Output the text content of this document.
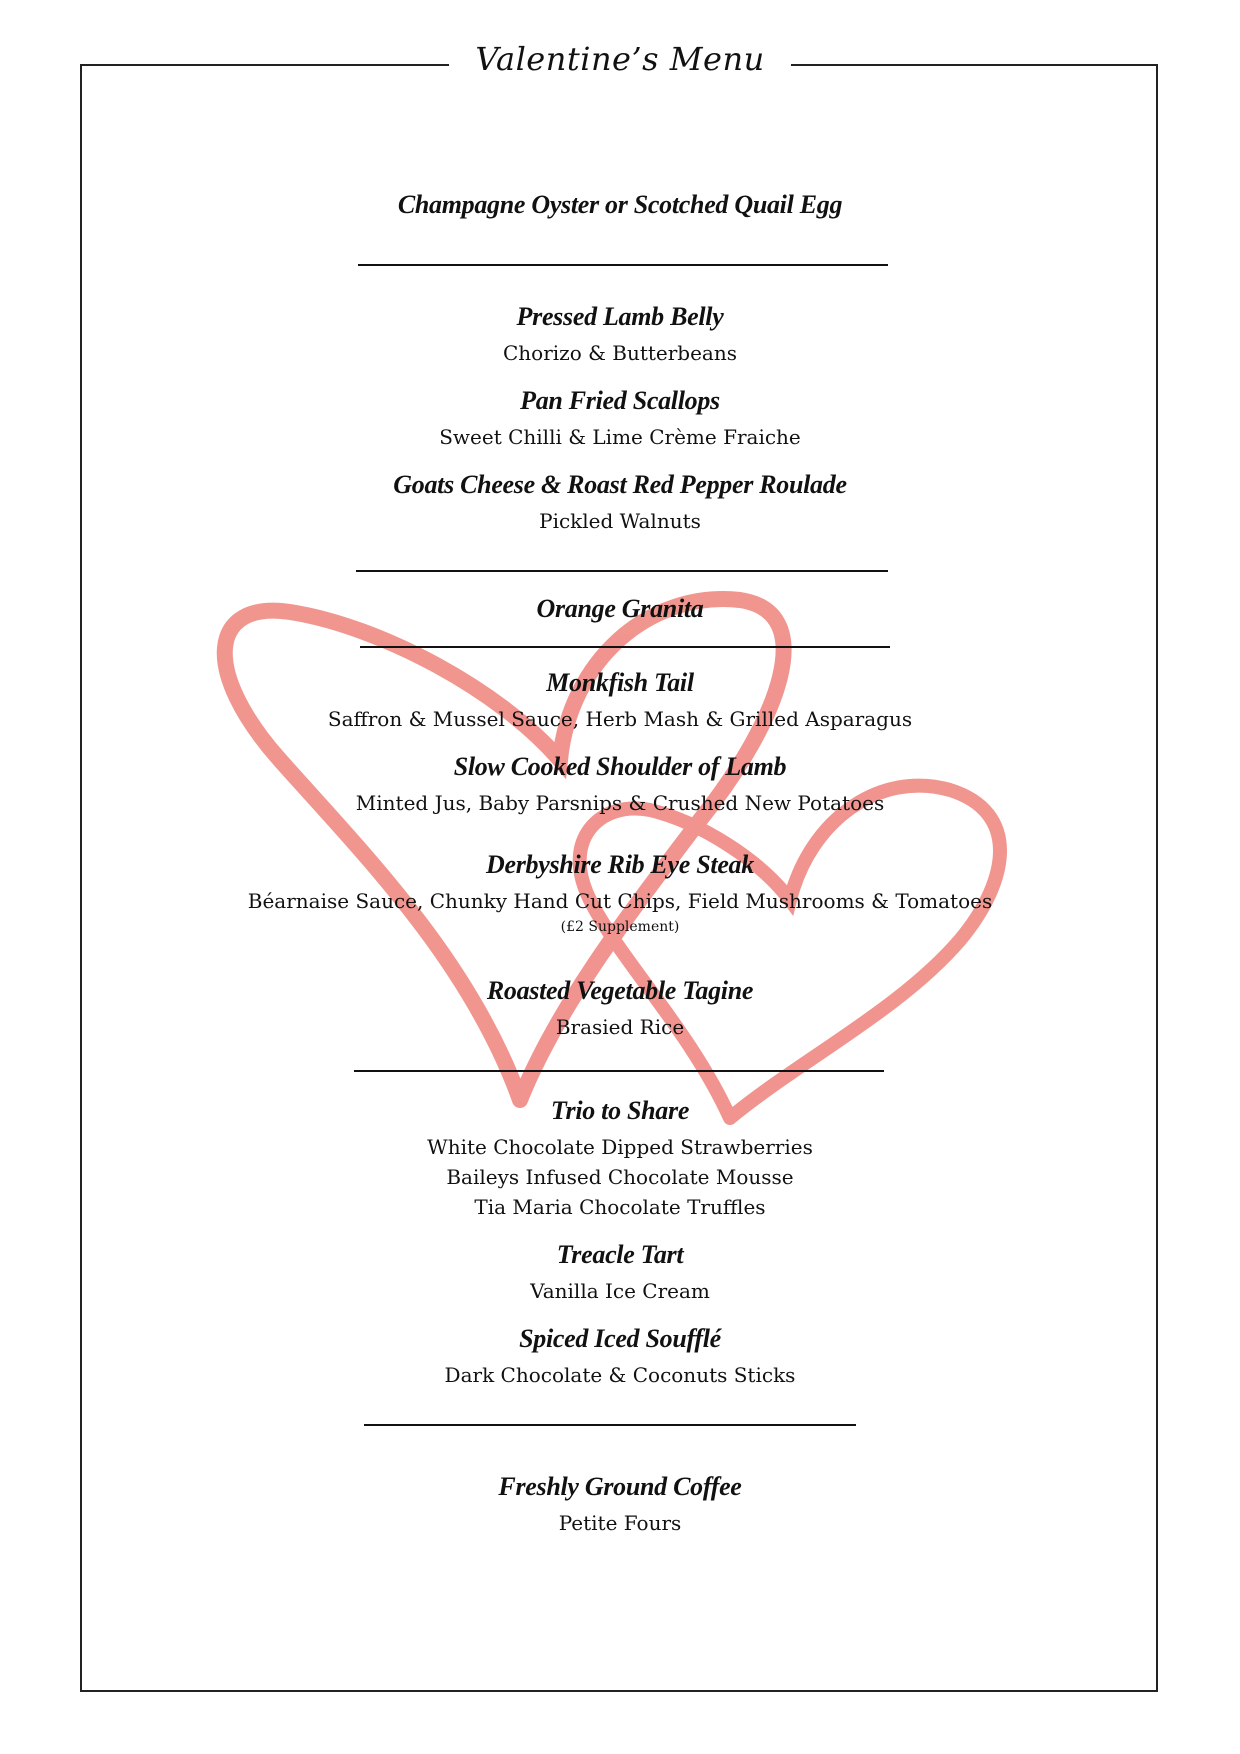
Valentine’s Menu
Champagne Oyster or Scotched Quail Egg
Pressed Lamb Belly
Chorizo & Butterbeans
Pan Fried Scallops
Sweet Chilli & Lime Crème Fraiche
Goats Cheese & Roast Red Pepper Roulade
Pickled Walnuts
Orange Granita
Monkfish Tail
Saffron & Mussel Sauce, Herb Mash & Grilled Asparagus
Slow Cooked Shoulder of Lamb
Minted Jus, Baby Parsnips & Crushed New Potatoes
Derbyshire Rib Eye Steak
Béarnaise Sauce, Chunky Hand Cut Chips, Field Mushrooms & Tomatoes
(£2 Supplement)
Roasted Vegetable Tagine
Brasied Rice
Trio to Share
White Chocolate Dipped Strawberries
Baileys Infused Chocolate Mousse
Tia Maria Chocolate Truffles
Treacle Tart
Vanilla Ice Cream
Spiced Iced Soufflé
Dark Chocolate & Coconuts Sticks
Freshly Ground Coffee
Petite Fours
